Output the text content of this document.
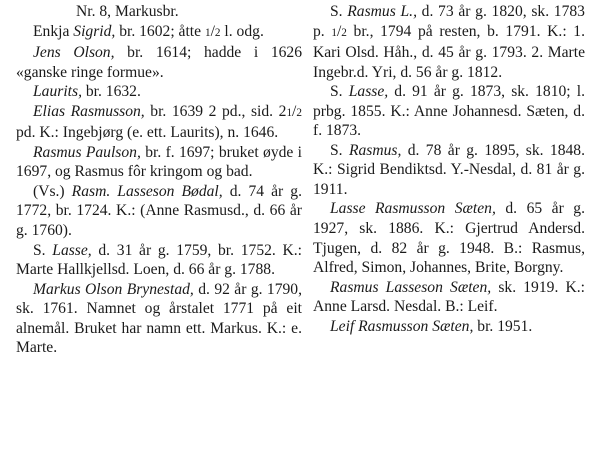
Nr. 8, Markusbr.
Enkja Sigrid, br. 1602; åtte 1/2 l. odg.
Jens Olson, br. 1614; hadde i 1626 «ganske ringe formue».
Laurits, br. 1632.
Elias Rasmusson, br. 1639 2 pd., sid. 21/2 pd. K.: Ingebjørg (e. ett. Laurits), n. 1646.
Rasmus Paulson, br. f. 1697; bruket øyde i 1697, og Rasmus fôr kringom og bad.
(Vs.) Rasm. Lasseson Bødal, d. 74 år g. 1772, br. 1724. K.: (Anne Rasmusd., d. 66 år g. 1760).
S. Lasse, d. 31 år g. 1759, br. 1752. K.: Marte Hallkjellsd. Loen, d. 66 år g. 1788.
Markus Olson Brynestad, d. 92 år g. 1790, sk. 1761. Namnet og årstalet 1771 på eit alnemål. Bruket har namn ett. Markus. K.: e. Marte.
S. Rasmus L., d. 73 år g. 1820, sk. 1783 p. 1/2 br., 1794 på resten, b. 1791. K.: 1. Kari Olsd. Håh., d. 45 år g. 1793. 2. Marte Ingebr.d. Yri, d. 56 år g. 1812.
S. Lasse, d. 91 år g. 1873, sk. 1810; l. prbg. 1855. K.: Anne Johannesd. Sæten, d. f. 1873.
S. Rasmus, d. 78 år g. 1895, sk. 1848. K.: Sigrid Bendiktsd. Y.-Nesdal, d. 81 år g. 1911.
Lasse Rasmusson Sæten, d. 65 år g. 1927, sk. 1886. K.: Gjertrud Andersd. Tjugen, d. 82 år g. 1948. B.: Rasmus, Alfred, Simon, Johannes, Brite, Borgny.
Rasmus Lasseson Sæten, sk. 1919. K.: Anne Larsd. Nesdal. B.: Leif.
Leif Rasmusson Sæten, br. 1951.
